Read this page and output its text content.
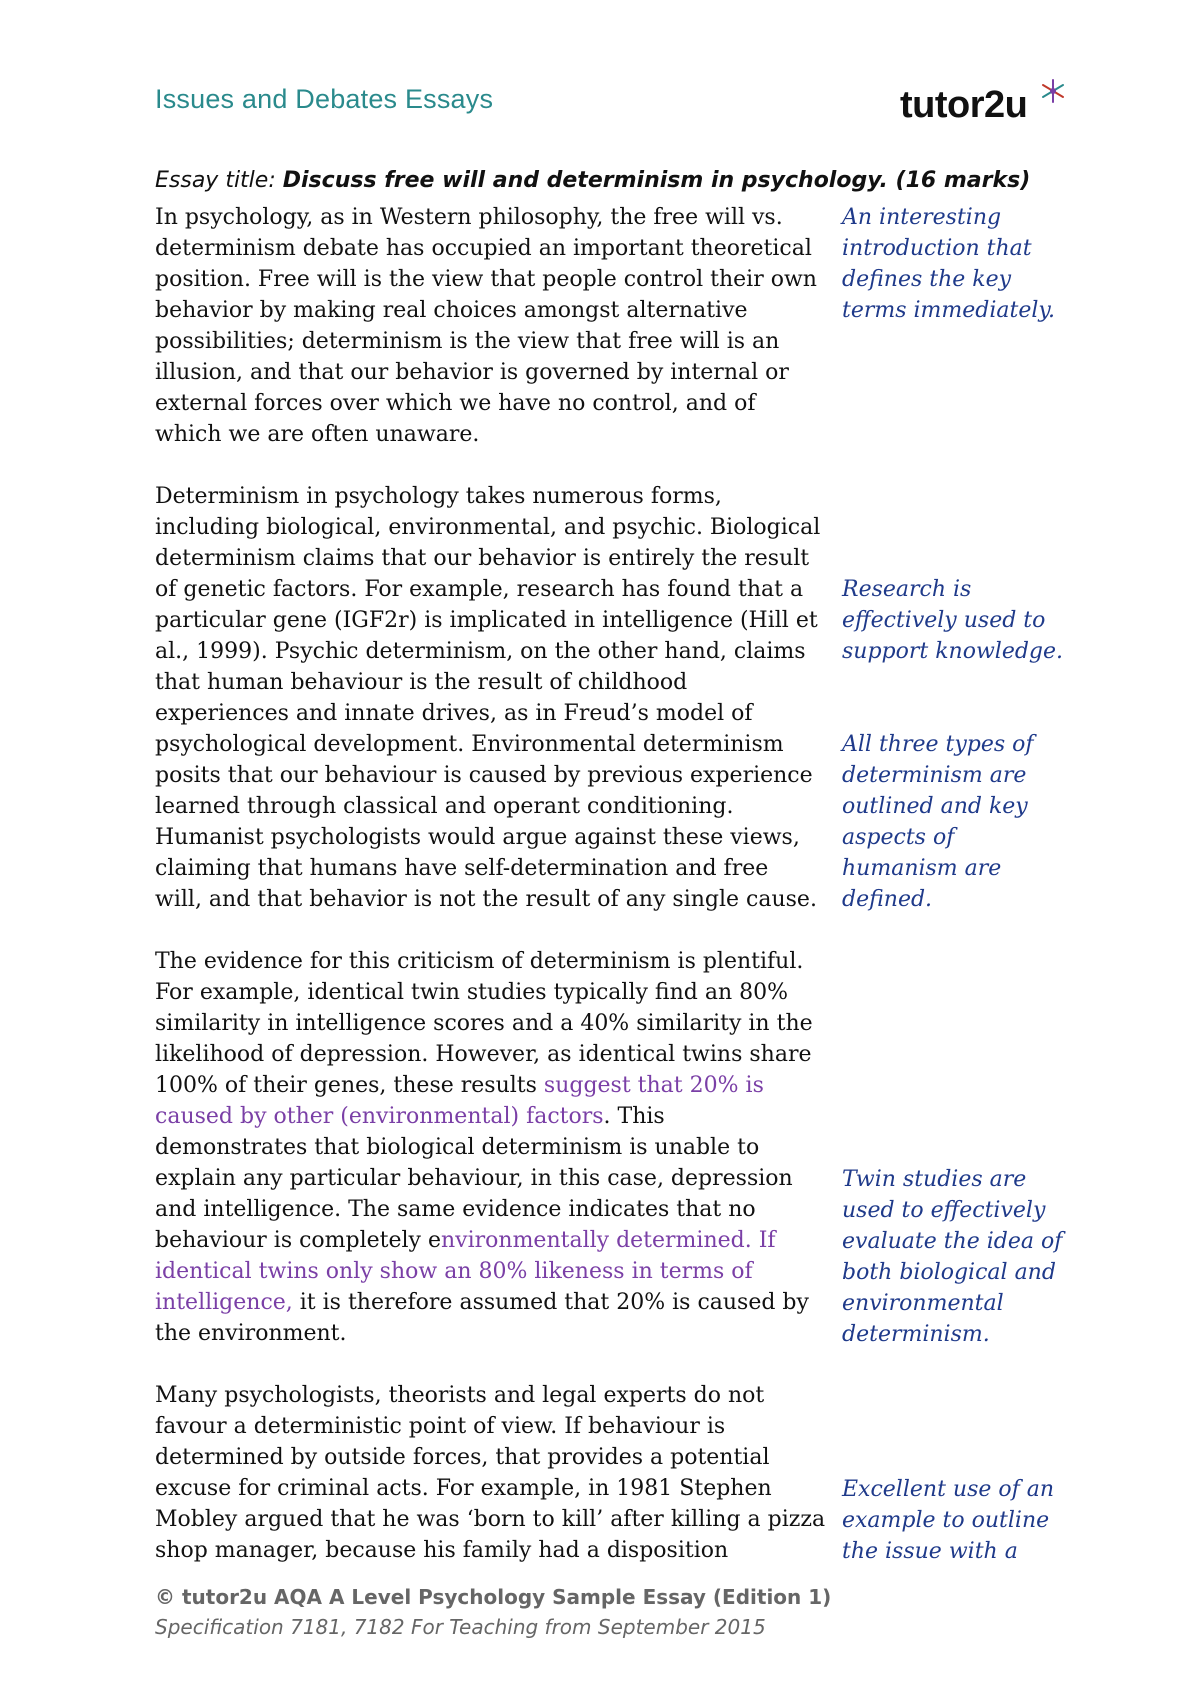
Issues and Debates Essays	tutor2u
Essay title: Discuss free will and determinism in psychology. (16 marks)
In psychology, as in Western philosophy, the free will vs.
determinism debate has occupied an important theoretical
position. Free will is the view that people control their own
behavior by making real choices amongst alternative
possibilities; determinism is the view that free will is an
illusion, and that our behavior is governed by internal or
external forces over which we have no control, and of
which we are often unaware.
Determinism in psychology takes numerous forms,
including biological, environmental, and psychic. Biological
determinism claims that our behavior is entirely the result
of genetic factors. For example, research has found that a
particular gene (IGF2r) is implicated in intelligence (Hill et
al., 1999). Psychic determinism, on the other hand, claims
that human behaviour is the result of childhood
experiences and innate drives, as in Freud’s model of
psychological development. Environmental determinism
posits that our behaviour is caused by previous experience
learned through classical and operant conditioning.
Humanist psychologists would argue against these views,
claiming that humans have self-determination and free
will, and that behavior is not the result of any single cause.
The evidence for this criticism of determinism is plentiful.
For example, identical twin studies typically find an 80%
similarity in intelligence scores and a 40% similarity in the
likelihood of depression. However, as identical twins share
100% of their genes, these results suggest that 20% is
caused by other (environmental) factors. This
demonstrates that biological determinism is unable to
explain any particular behaviour, in this case, depression
and intelligence. The same evidence indicates that no
behaviour is completely environmentally determined. If
identical twins only show an 80% likeness in terms of
intelligence, it is therefore assumed that 20% is caused by
the environment.
Many psychologists, theorists and legal experts do not
favour a deterministic point of view. If behaviour is
determined by outside forces, that provides a potential
excuse for criminal acts. For example, in 1981 Stephen
Mobley argued that he was ‘born to kill’ after killing a pizza
shop manager, because his family had a disposition
An interesting
introduction that
defines the key
terms immediately.
Research is
effectively used to
support knowledge.
All three types of
determinism are
outlined and key
aspects of
humanism are
defined.
Twin studies are
used to effectively
evaluate the idea of
both biological and
environmental
determinism.
Excellent use of an
example to outline
the issue with a
© tutor2u AQA A Level Psychology Sample Essay (Edition 1)
Specification 7181, 7182 For Teaching from September 2015
